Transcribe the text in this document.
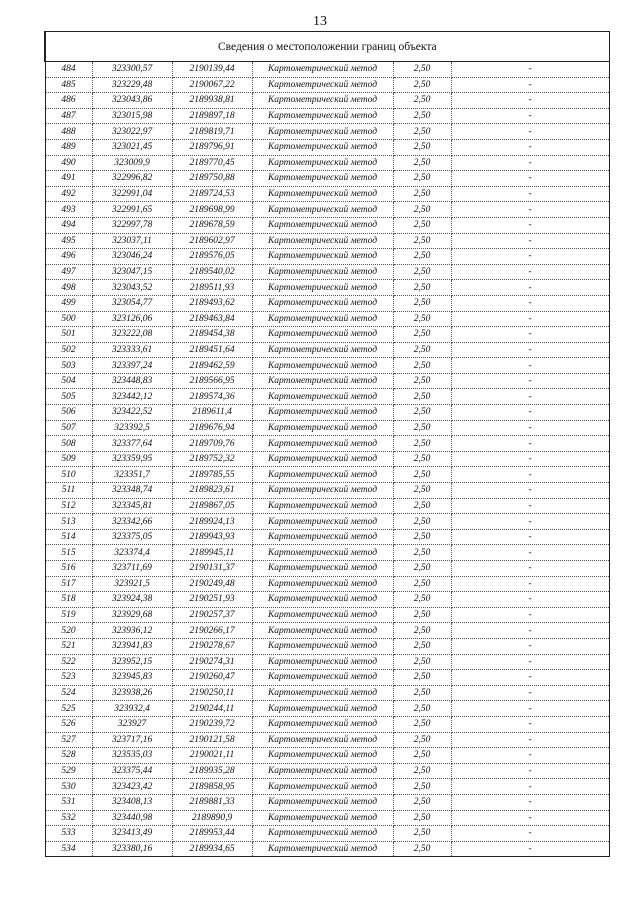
13
Сведения о местоположении границ объекта					
484	323300,57	2190139,44	Картометрический метод	2,50	-
485	323229,48	2190067,22	Картометрический метод	2,50	-
486	323043,86	2189938,81	Картометрический метод	2,50	-
487	323015,98	2189897,18	Картометрический метод	2,50	-
488	323022,97	2189819,71	Картометрический метод	2,50	-
489	323021,45	2189796,91	Картометрический метод	2,50	-
490	323009,9	2189770,45	Картометрический метод	2,50	-
491	322996,82	2189750,88	Картометрический метод	2,50	-
492	322991,04	2189724,53	Картометрический метод	2,50	-
493	322991,65	2189698,99	Картометрический метод	2,50	-
494	322997,78	2189678,59	Картометрический метод	2,50	-
495	323037,11	2189602,97	Картометрический метод	2,50	-
496	323046,24	2189576,05	Картометрический метод	2,50	-
497	323047,15	2189540,02	Картометрический метод	2,50	-
498	323043,52	2189511,93	Картометрический метод	2,50	-
499	323054,77	2189493,62	Картометрический метод	2,50	-
500	323126,06	2189463,84	Картометрический метод	2,50	-
501	323222,08	2189454,38	Картометрический метод	2,50	-
502	323333,61	2189451,64	Картометрический метод	2,50	-
503	323397,24	2189462,59	Картометрический метод	2,50	-
504	323448,83	2189566,95	Картометрический метод	2,50	-
505	323442,12	2189574,36	Картометрический метод	2,50	-
506	323422,52	2189611,4	Картометрический метод	2,50	-
507	323392,5	2189676,94	Картометрический метод	2,50	-
508	323377,64	2189709,76	Картометрический метод	2,50	-
509	323359,95	2189752,32	Картометрический метод	2,50	-
510	323351,7	2189785,55	Картометрический метод	2,50	-
511	323348,74	2189823,61	Картометрический метод	2,50	-
512	323345,81	2189867,05	Картометрический метод	2,50	-
513	323342,66	2189924,13	Картометрический метод	2,50	-
514	323375,05	2189943,93	Картометрический метод	2,50	-
515	323374,4	2189945,11	Картометрический метод	2,50	-
516	323711,69	2190131,37	Картометрический метод	2,50	-
517	323921,5	2190249,48	Картометрический метод	2,50	-
518	323924,38	2190251,93	Картометрический метод	2,50	-
519	323929,68	2190257,37	Картометрический метод	2,50	-
520	323936,12	2190266,17	Картометрический метод	2,50	-
521	323941,83	2190278,67	Картометрический метод	2,50	-
522	323952,15	2190274,31	Картометрический метод	2,50	-
523	323945,83	2190260,47	Картометрический метод	2,50	-
524	323938,26	2190250,11	Картометрический метод	2,50	-
525	323932,4	2190244,11	Картометрический метод	2,50	-
526	323927	2190239,72	Картометрический метод	2,50	-
527	323717,16	2190121,58	Картометрический метод	2,50	-
528	323535,03	2190021,11	Картометрический метод	2,50	-
529	323375,44	2189935,28	Картометрический метод	2,50	-
530	323423,42	2189858,95	Картометрический метод	2,50	-
531	323408,13	2189881,33	Картометрический метод	2,50	-
532	323440,98	2189890,9	Картометрический метод	2,50	-
533	323413,49	2189953,44	Картометрический метод	2,50	-
534	323380,16	2189934,65	Картометрический метод	2,50	-
